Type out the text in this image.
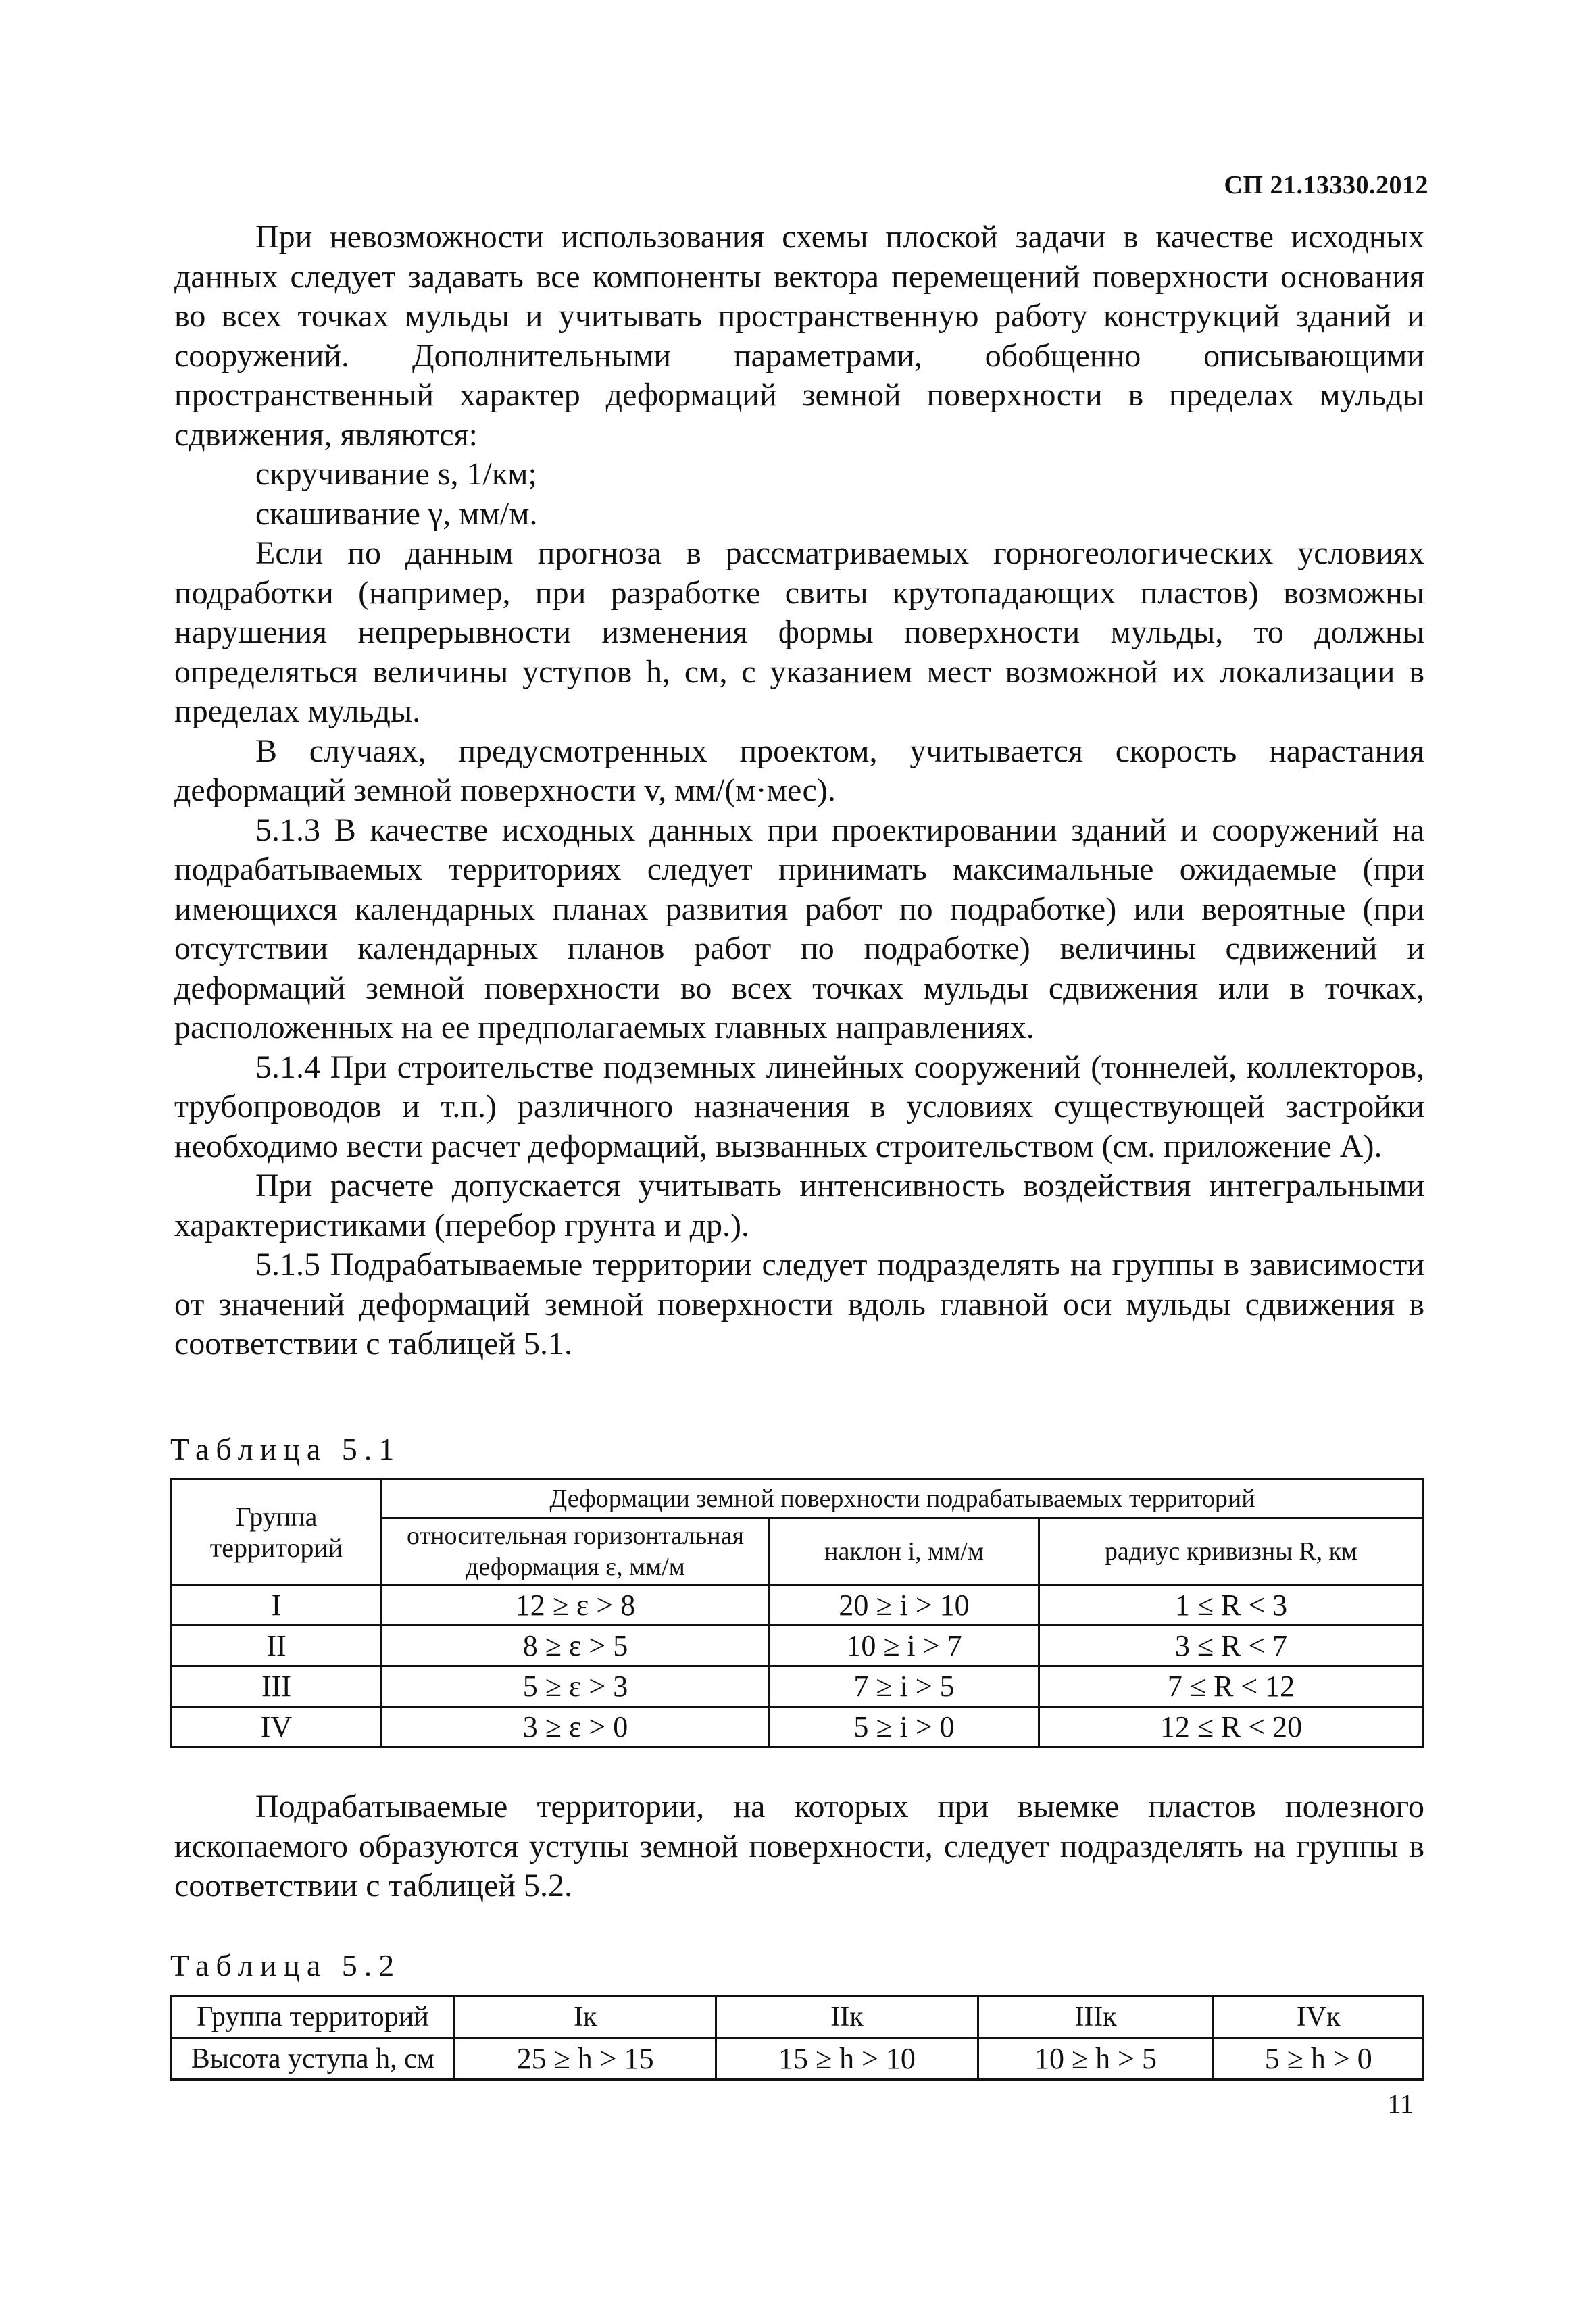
СП 21.13330.2012

При невозможности использования схемы плоской задачи в качестве исходных данных следует задавать все компоненты вектора перемещений поверхности основания во всех точках мульды и учитывать пространственную работу конструкций зданий и сооружений. Дополнительными параметрами, обобщенно описывающими пространственный характер деформаций земной поверхности в пределах мульды сдвижения, являются:

скручивание s, 1/км;

скашивание γ, мм/м.

Если по данным прогноза в рассматриваемых горногеологических условиях подработки (например, при разработке свиты крутопадающих пластов) возможны нарушения непрерывности изменения формы поверхности мульды, то должны определяться величины уступов h, см, с указанием мест возможной их локализации в пределах мульды.

В случаях, предусмотренных проектом, учитывается скорость нарастания деформаций земной поверхности v, мм/(м·мес).

5.1.3 В качестве исходных данных при проектировании зданий и сооружений на подрабатываемых территориях следует принимать максимальные ожидаемые (при имеющихся календарных планах развития работ по подработке) или вероятные (при отсутствии календарных планов работ по подработке) величины сдвижений и деформаций земной поверхности во всех точках мульды сдвижения или в точках, расположенных на ее предполагаемых главных направлениях.

5.1.4 При строительстве подземных линейных сооружений (тоннелей, коллекторов, трубопроводов и т.п.) различного назначения в условиях существующей застройки необходимо вести расчет деформаций, вызванных строительством (см. приложение А).

При расчете допускается учитывать интенсивность воздействия интегральными характеристиками (перебор грунта и др.).

5.1.5 Подрабатываемые территории следует подразделять на группы в зависимости от значений деформаций земной поверхности вдоль главной оси мульды сдвижения в соответствии с таблицей 5.1.

Таблица 5.1
Группа территорий	Деформации земной поверхности подрабатываемых территорий		
	относительная горизонтальная деформация ε, мм/м	наклон i, мм/м	радиус кривизны R, км
I	12 ≥ ε > 8	20 ≥ i > 10	1 ≤ R < 3
II	8 ≥ ε > 5	10 ≥ i > 7	3 ≤ R < 7
III	5 ≥ ε > 3	7 ≥ i > 5	7 ≤ R < 12
IV	3 ≥ ε > 0	5 ≥ i > 0	12 ≤ R < 20

Подрабатываемые территории, на которых при выемке пластов полезного ископаемого образуются уступы земной поверхности, следует подразделять на группы в соответствии с таблицей 5.2.

Таблица 5.2
Группа территорий	Iк	IIк	IIIк	IVк
Высота уступа h, см	25 ≥ h > 15	15 ≥ h > 10	10 ≥ h > 5	5 ≥ h > 0
11
